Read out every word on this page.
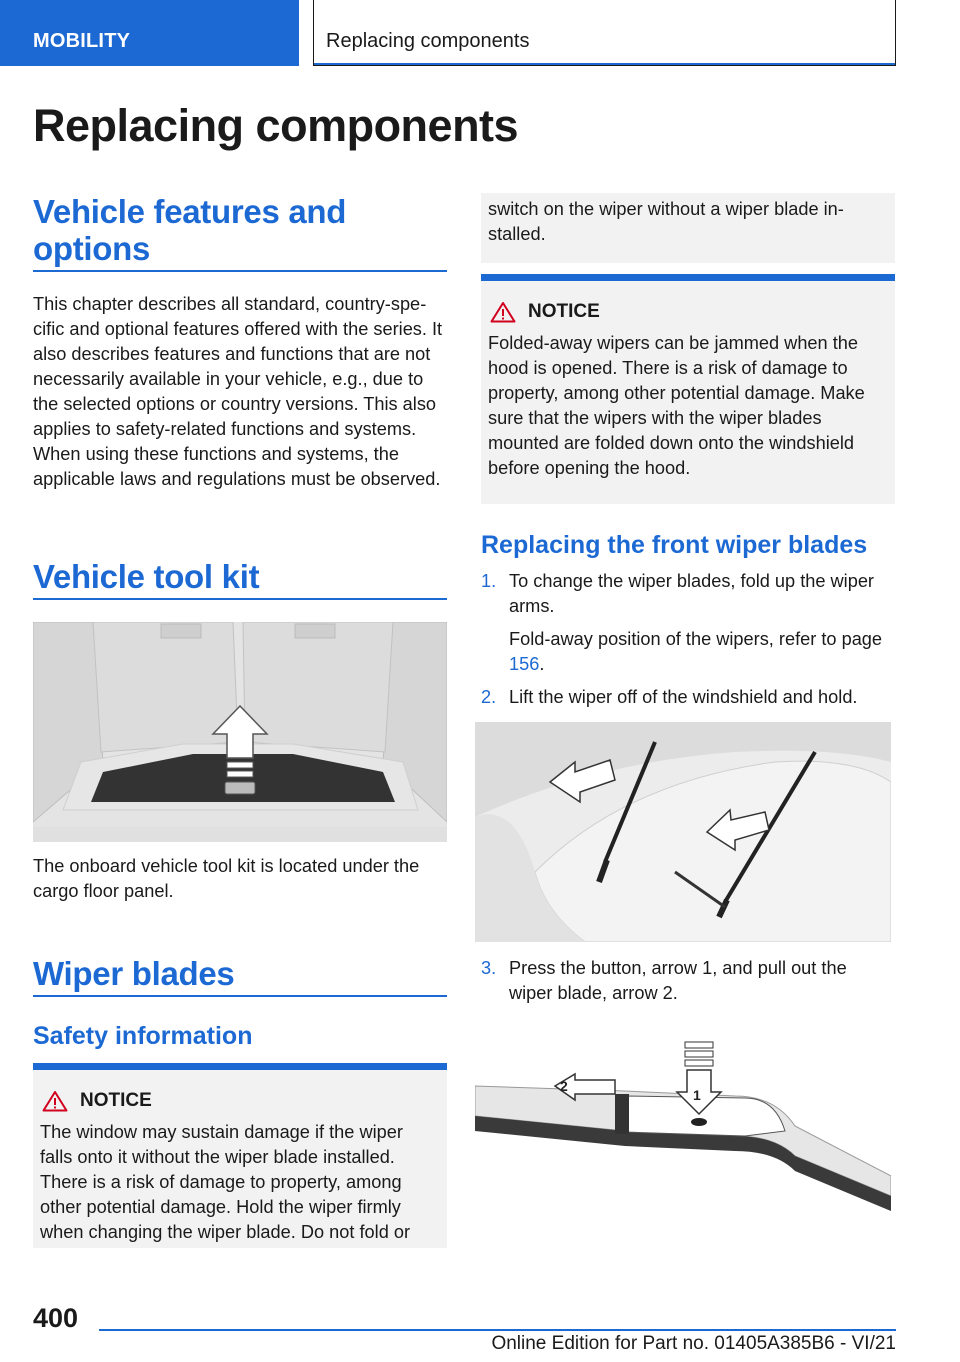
MOBILITY	Replacing components
Replacing components
Vehicle features and options

This chapter describes all standard, country-specific and optional features offered with the series. It also describes features and functions that are not necessarily available in your vehicle, e.g., due to the selected options or country versions. This also applies to safety-related functions and systems. When using these functions and systems, the applicable laws and regulations must be observed.

Vehicle tool kit

The onboard vehicle tool kit is located under the cargo floor panel.

Wiper blades
Safety information
NOTICE
The window may sustain damage if the wiper falls onto it without the wiper blade installed. There is a risk of damage to property, among other potential damage. Hold the wiper firmly when changing the wiper blade. Do not fold or
switch on the wiper without a wiper blade installed.
NOTICE
Folded-away wipers can be jammed when the hood is opened. There is a risk of damage to property, among other potential damage. Make sure that the wipers with the wiper blades mounted are folded down onto the windshield before opening the hood.
Replacing the front wiper blades
1. To change the wiper blades, fold up the wiper arms.
Fold-away position of the wipers, refer to page 156.
2. Lift the wiper off of the windshield and hold.
3. Press the button, arrow 1, and pull out the wiper blade, arrow 2.
2
1
400
Online Edition for Part no. 01405A385B6 - VI/21
